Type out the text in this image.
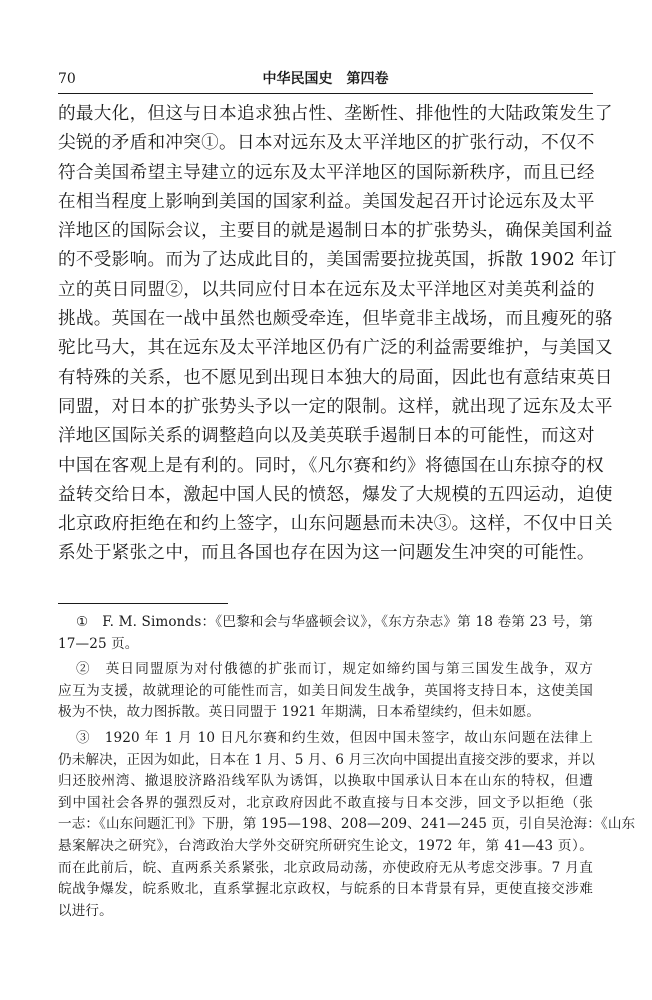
70	中华民国史　第四卷
的最大化，但这与日本追求独占性、垄断性、排他性的大陆政策发生了
尖锐的矛盾和冲突①。日本对远东及太平洋地区的扩张行动，不仅不
符合美国希望主导建立的远东及太平洋地区的国际新秩序，而且已经
在相当程度上影响到美国的国家利益。美国发起召开讨论远东及太平
洋地区的国际会议，主要目的就是遏制日本的扩张势头，确保美国利益
的不受影响。而为了达成此目的，美国需要拉拢英国，拆散 1902 年订
立的英日同盟②，以共同应付日本在远东及太平洋地区对美英利益的
挑战。英国在一战中虽然也颇受牵连，但毕竟非主战场，而且瘦死的骆
驼比马大，其在远东及太平洋地区仍有广泛的利益需要维护，与美国又
有特殊的关系，也不愿见到出现日本独大的局面，因此也有意结束英日
同盟，对日本的扩张势头予以一定的限制。这样，就出现了远东及太平
洋地区国际关系的调整趋向以及美英联手遏制日本的可能性，而这对
中国在客观上是有利的。同时，《凡尔赛和约》将德国在山东掠夺的权
益转交给日本，激起中国人民的愤怒，爆发了大规模的五四运动，迫使
北京政府拒绝在和约上签字，山东问题悬而未决③。这样，不仅中日关
系处于紧张之中，而且各国也存在因为这一问题发生冲突的可能性。
①　F. M. Simonds：《巴黎和会与华盛顿会议》，《东方杂志》第 18 卷第 23 号，第
17—25 页。
②　英日同盟原为对付俄德的扩张而订，规定如缔约国与第三国发生战争，双方
应互为支援，故就理论的可能性而言，如美日间发生战争，英国将支持日本，这使美国
极为不快，故力图拆散。英日同盟于 1921 年期满，日本希望续约，但未如愿。
③　1920 年 1 月 10 日凡尔赛和约生效，但因中国未签字，故山东问题在法律上
仍未解决，正因为如此，日本在 1 月、5 月、6 月三次向中国提出直接交涉的要求，并以
归还胶州湾、撤退胶济路沿线军队为诱饵，以换取中国承认日本在山东的特权，但遭
到中国社会各界的强烈反对，北京政府因此不敢直接与日本交涉，回文予以拒绝（张
一志：《山东问题汇刊》下册，第 195—198、208—209、241—245 页，引自吴沧海：《山东
悬案解决之研究》，台湾政治大学外交研究所研究生论文，1972 年，第 41—43 页）。
而在此前后，皖、直两系关系紧张，北京政局动荡，亦使政府无从考虑交涉事。7 月直
皖战争爆发，皖系败北，直系掌握北京政权，与皖系的日本背景有异，更使直接交涉难
以进行。
